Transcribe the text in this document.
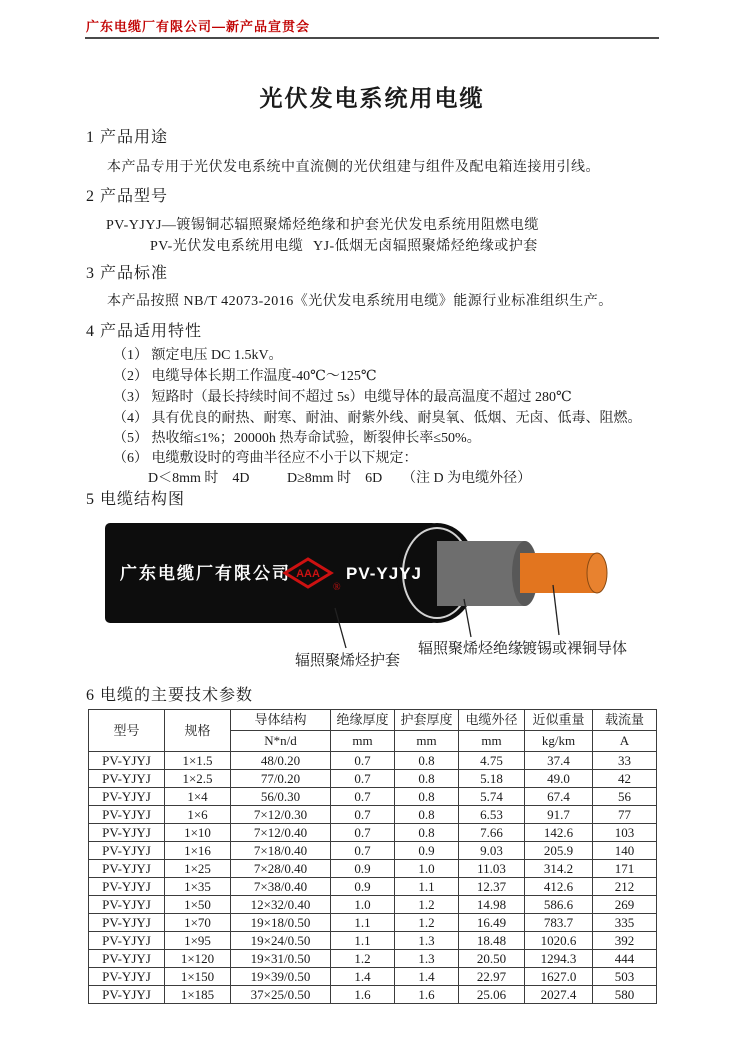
广东电缆厂有限公司—新产品宣贯会
光伏发电系统用电缆
1 产品用途
本产品专用于光伏发电系统中直流侧的光伏组建与组件及配电箱连接用引线。
2 产品型号
PV-YJYJ—镀锡铜芯辐照聚烯烃绝缘和护套光伏发电系统用阻燃电缆
PV-光伏发电系统用电缆 YJ-低烟无卤辐照聚烯烃绝缘或护套
3 产品标准
本产品按照 NB/T 42073-2016《光伏发电系统用电缆》能源行业标准组织生产。
4 产品适用特性
（1） 额定电压 DC 1.5kV。
（2） 电缆导体长期工作温度-40℃～125℃
（3） 短路时（最长持续时间不超过 5s）电缆导体的最高温度不超过 280℃
（4） 具有优良的耐热、耐寒、耐油、耐紫外线、耐臭氧、低烟、无卤、低毒、阻燃。
（5） 热收缩≤1%；20000h 热寿命试验，断裂伸长率≤50%。
（6） 电缆敷设时的弯曲半径应不小于以下规定：
D＜8mm 时　4D	D≥8mm 时　6D （注 D 为电缆外径）
5 电缆结构图
广东电缆厂有限公司 AAA
®
PV-YJYJ
辐照聚烯烃护套
辐照聚烯烃绝缘
镀锡或裸铜导体
6 电缆的主要技术参数
型号	规格	导体结构	绝缘厚度	护套厚度	电缆外径	近似重量	载流量
		N*n/d	mm	mm	mm	kg/km	A
PV-YJYJ	1×1.5	48/0.20	0.7	0.8	4.75	37.4	33
PV-YJYJ	1×2.5	77/0.20	0.7	0.8	5.18	49.0	42
PV-YJYJ	1×4	56/0.30	0.7	0.8	5.74	67.4	56
PV-YJYJ	1×6	7×12/0.30	0.7	0.8	6.53	91.7	77
PV-YJYJ	1×10	7×12/0.40	0.7	0.8	7.66	142.6	103
PV-YJYJ	1×16	7×18/0.40	0.7	0.9	9.03	205.9	140
PV-YJYJ	1×25	7×28/0.40	0.9	1.0	11.03	314.2	171
PV-YJYJ	1×35	7×38/0.40	0.9	1.1	12.37	412.6	212
PV-YJYJ	1×50	12×32/0.40	1.0	1.2	14.98	586.6	269
PV-YJYJ	1×70	19×18/0.50	1.1	1.2	16.49	783.7	335
PV-YJYJ	1×95	19×24/0.50	1.1	1.3	18.48	1020.6	392
PV-YJYJ	1×120	19×31/0.50	1.2	1.3	20.50	1294.3	444
PV-YJYJ	1×150	19×39/0.50	1.4	1.4	22.97	1627.0	503
PV-YJYJ	1×185	37×25/0.50	1.6	1.6	25.06	2027.4	580
